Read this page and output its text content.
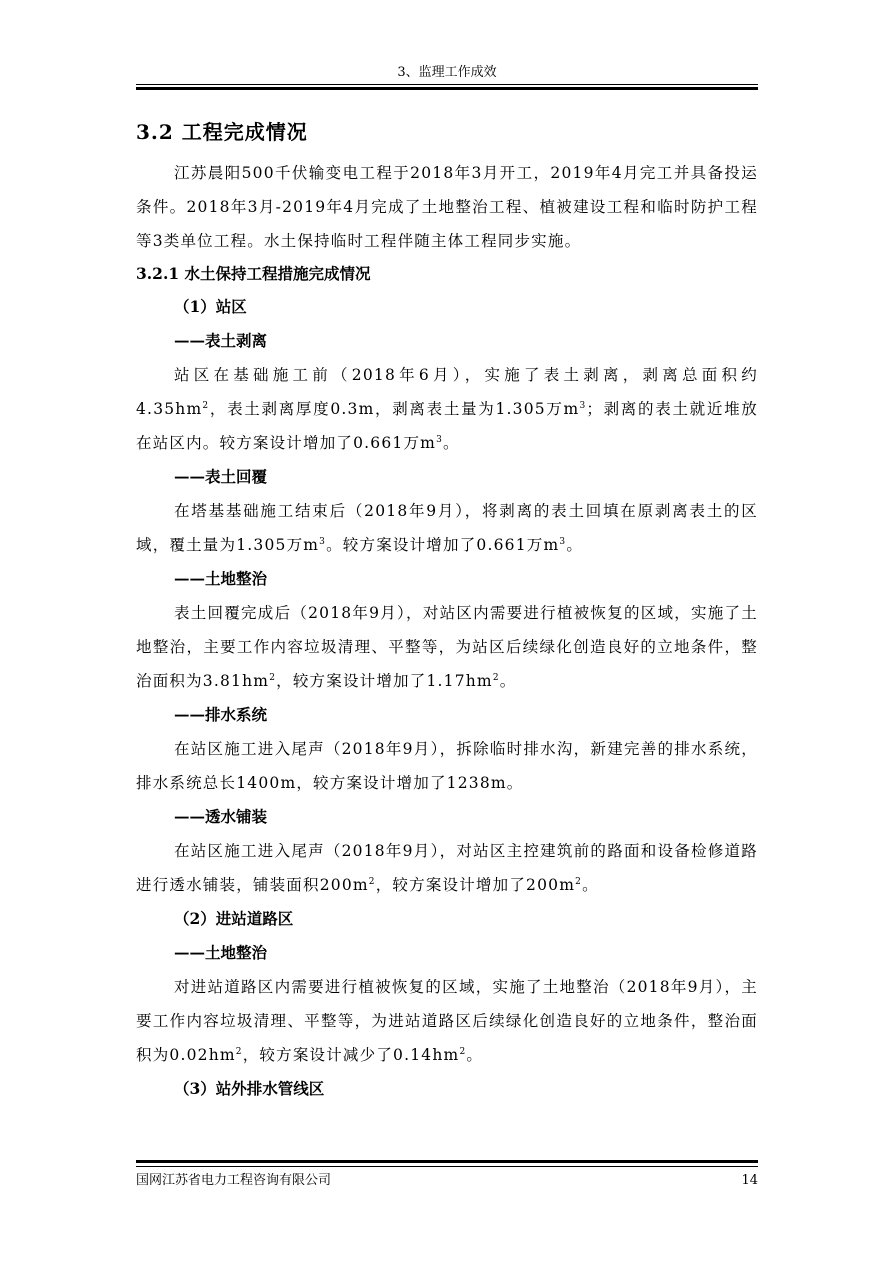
3、监理工作成效
3.2 工程完成情况

江苏晨阳500千伏输变电工程于2018年3月开工，2019年4月完工并具备投运条件。2018年3月-2019年4月完成了土地整治工程、植被建设工程和临时防护工程等3类单位工程。水土保持临时工程伴随主体工程同步实施。

3.2.1 水土保持工程措施完成情况
（1）站区
——表土剥离

站区在基础施工前（2018年6月），实施了表土剥离，剥离总面积约$4.35hm^2$，表土剥离厚度0.3m，剥离表土量为1.305万$m^3$；剥离的表土就近堆放在站区内。较方案设计增加了0.661万$m^3$。

——表土回覆

在塔基基础施工结束后（2018年9月），将剥离的表土回填在原剥离表土的区域，覆土量为1.305万$m^3$。较方案设计增加了0.661万$m^3$。

——土地整治

表土回覆完成后（2018年9月），对站区内需要进行植被恢复的区域，实施了土地整治，主要工作内容垃圾清理、平整等，为站区后续绿化创造良好的立地条件，整治面积为$3.81hm^2$，较方案设计增加了$1.17hm^2$。

——排水系统

在站区施工进入尾声（2018年9月），拆除临时排水沟，新建完善的排水系统，排水系统总长1400m，较方案设计增加了1238m。

——透水铺装

在站区施工进入尾声（2018年9月），对站区主控建筑前的路面和设备检修道路进行透水铺装，铺装面积$200m^2$，较方案设计增加了$200m^2$。

（2）进站道路区
——土地整治

对进站道路区内需要进行植被恢复的区域，实施了土地整治（2018年9月），主要工作内容垃圾清理、平整等，为进站道路区后续绿化创造良好的立地条件，整治面积为$0.02hm^2$，较方案设计减少了$0.14hm^2$。

（3）站外排水管线区
国网江苏省电力工程咨询有限公司	14
